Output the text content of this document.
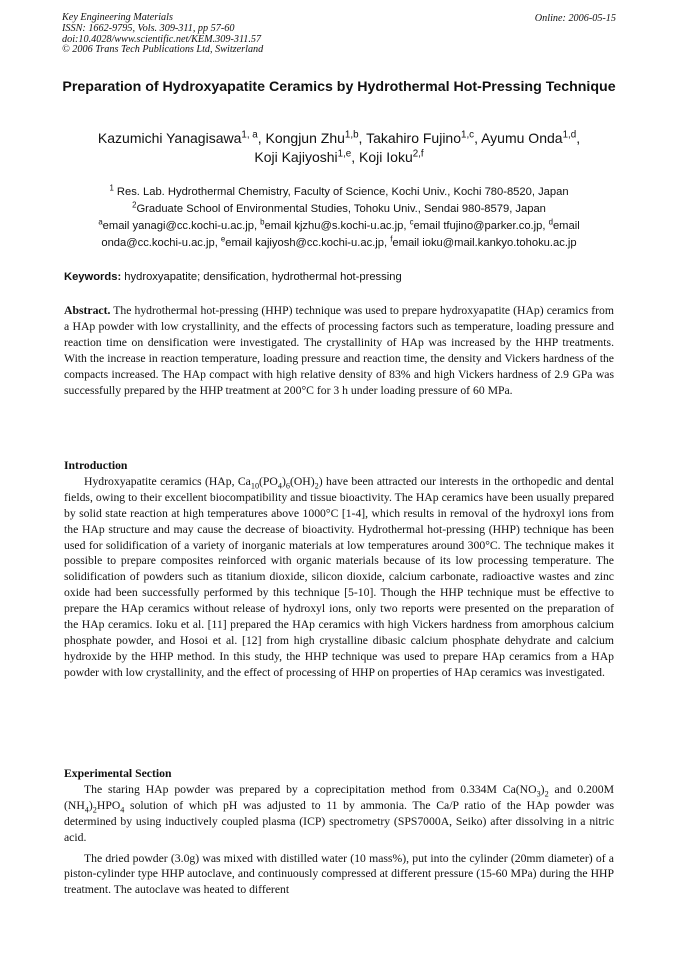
Key Engineering Materials
ISSN: 1662-9795, Vols. 309-311, pp 57-60
doi:10.4028/www.scientific.net/KEM.309-311.57
© 2006 Trans Tech Publications Ltd, Switzerland
Online: 2006-05-15
Preparation of Hydroxyapatite Ceramics by Hydrothermal Hot-Pressing Technique
Kazumichi Yanagisawa$^{1, a}$, Kongjun Zhu$^{1,b}$, Takahiro Fujino$^{1,c}$, Ayumu Onda$^{1,d}$,
Koji Kajiyoshi$^{1,e}$, Koji Ioku$^{2,f}$
$^1$ Res. Lab. Hydrothermal Chemistry, Faculty of Science, Kochi Univ., Kochi 780-8520, Japan
$^2$Graduate School of Environmental Studies, Tohoku Univ., Sendai 980-8579, Japan
$^a$email yanagi@cc.kochi-u.ac.jp, $^b$email kjzhu@s.kochi-u.ac.jp, $^c$email tfujino@parker.co.jp, $^d$email
onda@cc.kochi-u.ac.jp, $^e$email kajiyosh@cc.kochi-u.ac.jp, $^f$email ioku@mail.kankyo.tohoku.ac.jp
Keywords: hydroxyapatite; densification, hydrothermal hot-pressing

Abstract. The hydrothermal hot-pressing (HHP) technique was used to prepare hydroxyapatite (HAp) ceramics from a HAp powder with low crystallinity, and the effects of processing factors such as temperature, loading pressure and reaction time on densification were investigated. The crystallinity of HAp was increased by the HHP treatments. With the increase in reaction temperature, loading pressure and reaction time, the density and Vickers hardness of the compacts increased. The HAp compact with high relative density of 83% and high Vickers hardness of 2.9 GPa was successfully prepared by the HHP treatment at 200°C for 3 h under loading pressure of 60 MPa.

Introduction

Hydroxyapatite ceramics (HAp, $Ca_{10}(PO_4)_6(OH)_2$) have been attracted our interests in the orthopedic and dental fields, owing to their excellent biocompatibility and tissue bioactivity. The HAp ceramics have been usually prepared by solid state reaction at high temperatures above 1000°C [1-4], which results in removal of the hydroxyl ions from the HAp structure and may cause the decrease of bioactivity. Hydrothermal hot-pressing (HHP) technique has been used for solidification of a variety of inorganic materials at low temperatures around 300°C. The technique makes it possible to prepare composites reinforced with organic materials because of its low processing temperature. The solidification of powders such as titanium dioxide, silicon dioxide, calcium carbonate, radioactive wastes and zinc oxide had been successfully performed by this technique [5-10]. Though the HHP technique must be effective to prepare the HAp ceramics without release of hydroxyl ions, only two reports were presented on the preparation of the HAp ceramics. Ioku et al. [11] prepared the HAp ceramics with high Vickers hardness from amorphous calcium phosphate powder, and Hosoi et al. [12] from high crystalline dibasic calcium phosphate dehydrate and calcium hydroxide by the HHP method. In this study, the HHP technique was used to prepare HAp ceramics from a HAp powder with low crystallinity, and the effect of processing of HHP on properties of HAp ceramics was investigated.

Experimental Section

The staring HAp powder was prepared by a coprecipitation method from 0.334M $Ca(NO_3)_2$ and 0.200M $(NH_4)_2HPO_4$ solution of which pH was adjusted to 11 by ammonia. The Ca/P ratio of the HAp powder was determined by using inductively coupled plasma (ICP) spectrometry (SPS7000A, Seiko) after dissolving in a nitric acid.

The dried powder (3.0g) was mixed with distilled water (10 mass%), put into the cylinder (20mm diameter) of a piston-cylinder type HHP autoclave, and continuously compressed at different pressure (15-60 MPa) during the HHP treatment. The autoclave was heated to different
